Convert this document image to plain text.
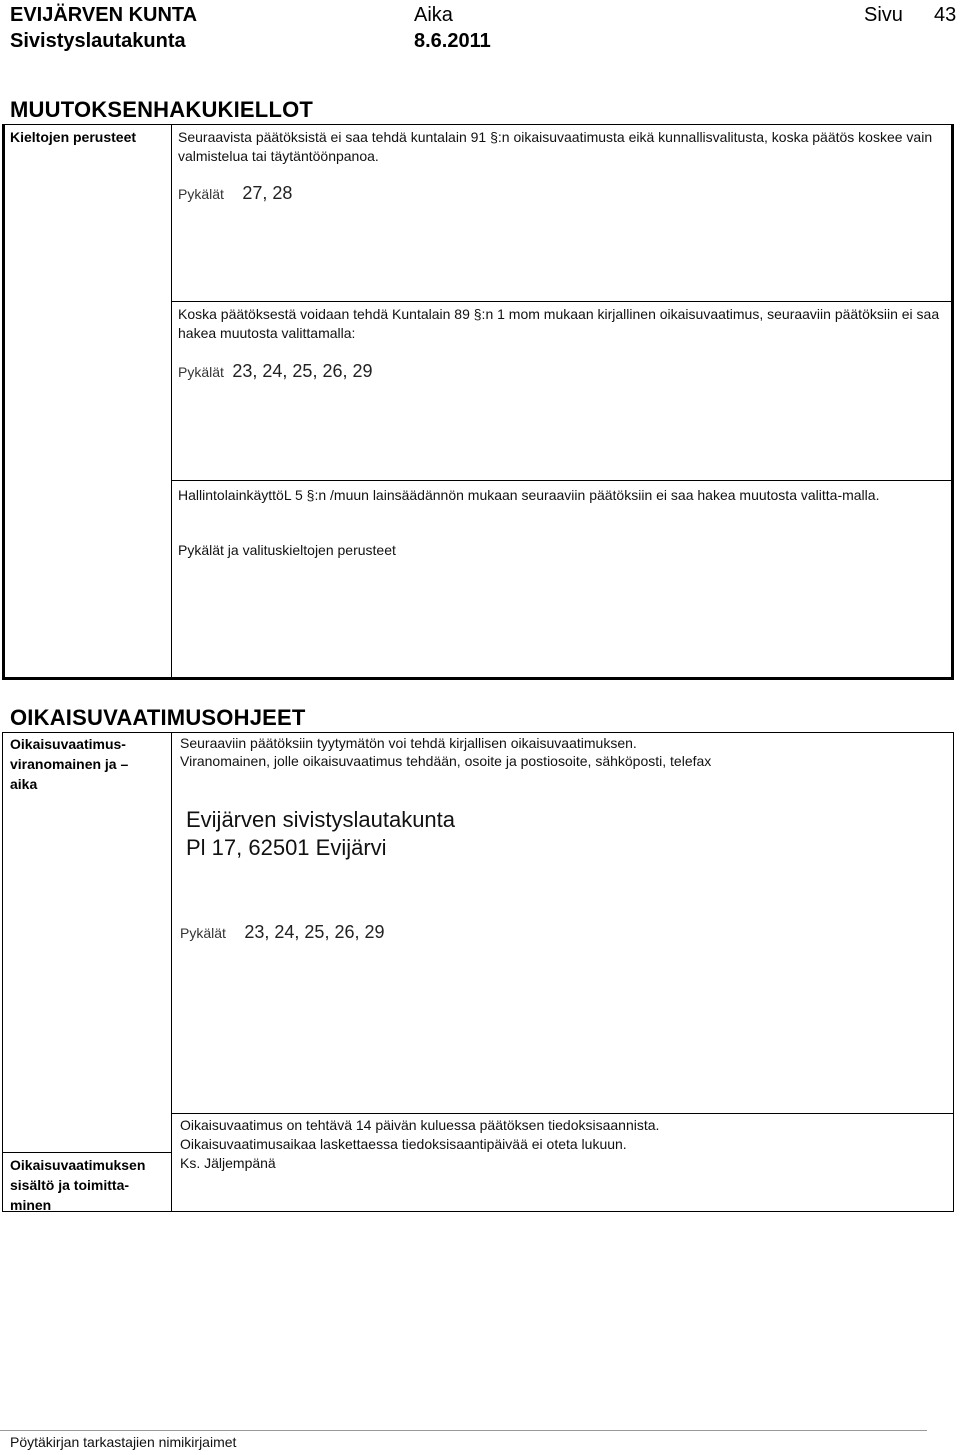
EVIJÄRVEN KUNTA
Sivistyslautakunta
Aika
8.6.2011
Sivu 43
MUUTOKSENHAKUKIELLOT
Kieltojen perusteet	Seuraavista päätöksistä ei saa tehdä kuntalain 91 §:n oikaisuvaatimusta eikä kunnallisvalitusta, koska päätös koskee vain valmistelua tai täytäntöönpanoa.
Pykälät 27, 28
Koska päätöksestä voidaan tehdä Kuntalain 89 §:n 1 mom mukaan kirjallinen oikaisuvaatimus, seuraaviin päätöksiin ei saa hakea muutosta valittamalla:
Pykälät 23, 24, 25, 26, 29
HallintolainkäyttöL 5 §:n /muun lainsäädännön mukaan seuraaviin päätöksiin ei saa hakea muutosta valitta-malla.
Pykälät ja valituskieltojen perusteet
OIKAISUVAATIMUSOHJEET
Oikaisuvaatimus-
viranomainen ja –
aika
Seuraaviin päätöksiin tyytymätön voi tehdä kirjallisen oikaisuvaatimuksen.
Viranomainen, jolle oikaisuvaatimus tehdään, osoite ja postiosoite, sähköposti, telefax
Evijärven sivistyslautakunta
Pl 17, 62501 Evijärvi
Pykälät 23, 24, 25, 26, 29
Oikaisuvaatimus on tehtävä 14 päivän kuluessa päätöksen tiedoksisaannista.
Oikaisuvaatimusaikaa laskettaessa tiedoksisaantipäivää ei oteta lukuun.
Ks. Jäljempänä
Oikaisuvaatimuksen
sisältö ja toimitta-
minen
Pöytäkirjan tarkastajien nimikirjaimet
